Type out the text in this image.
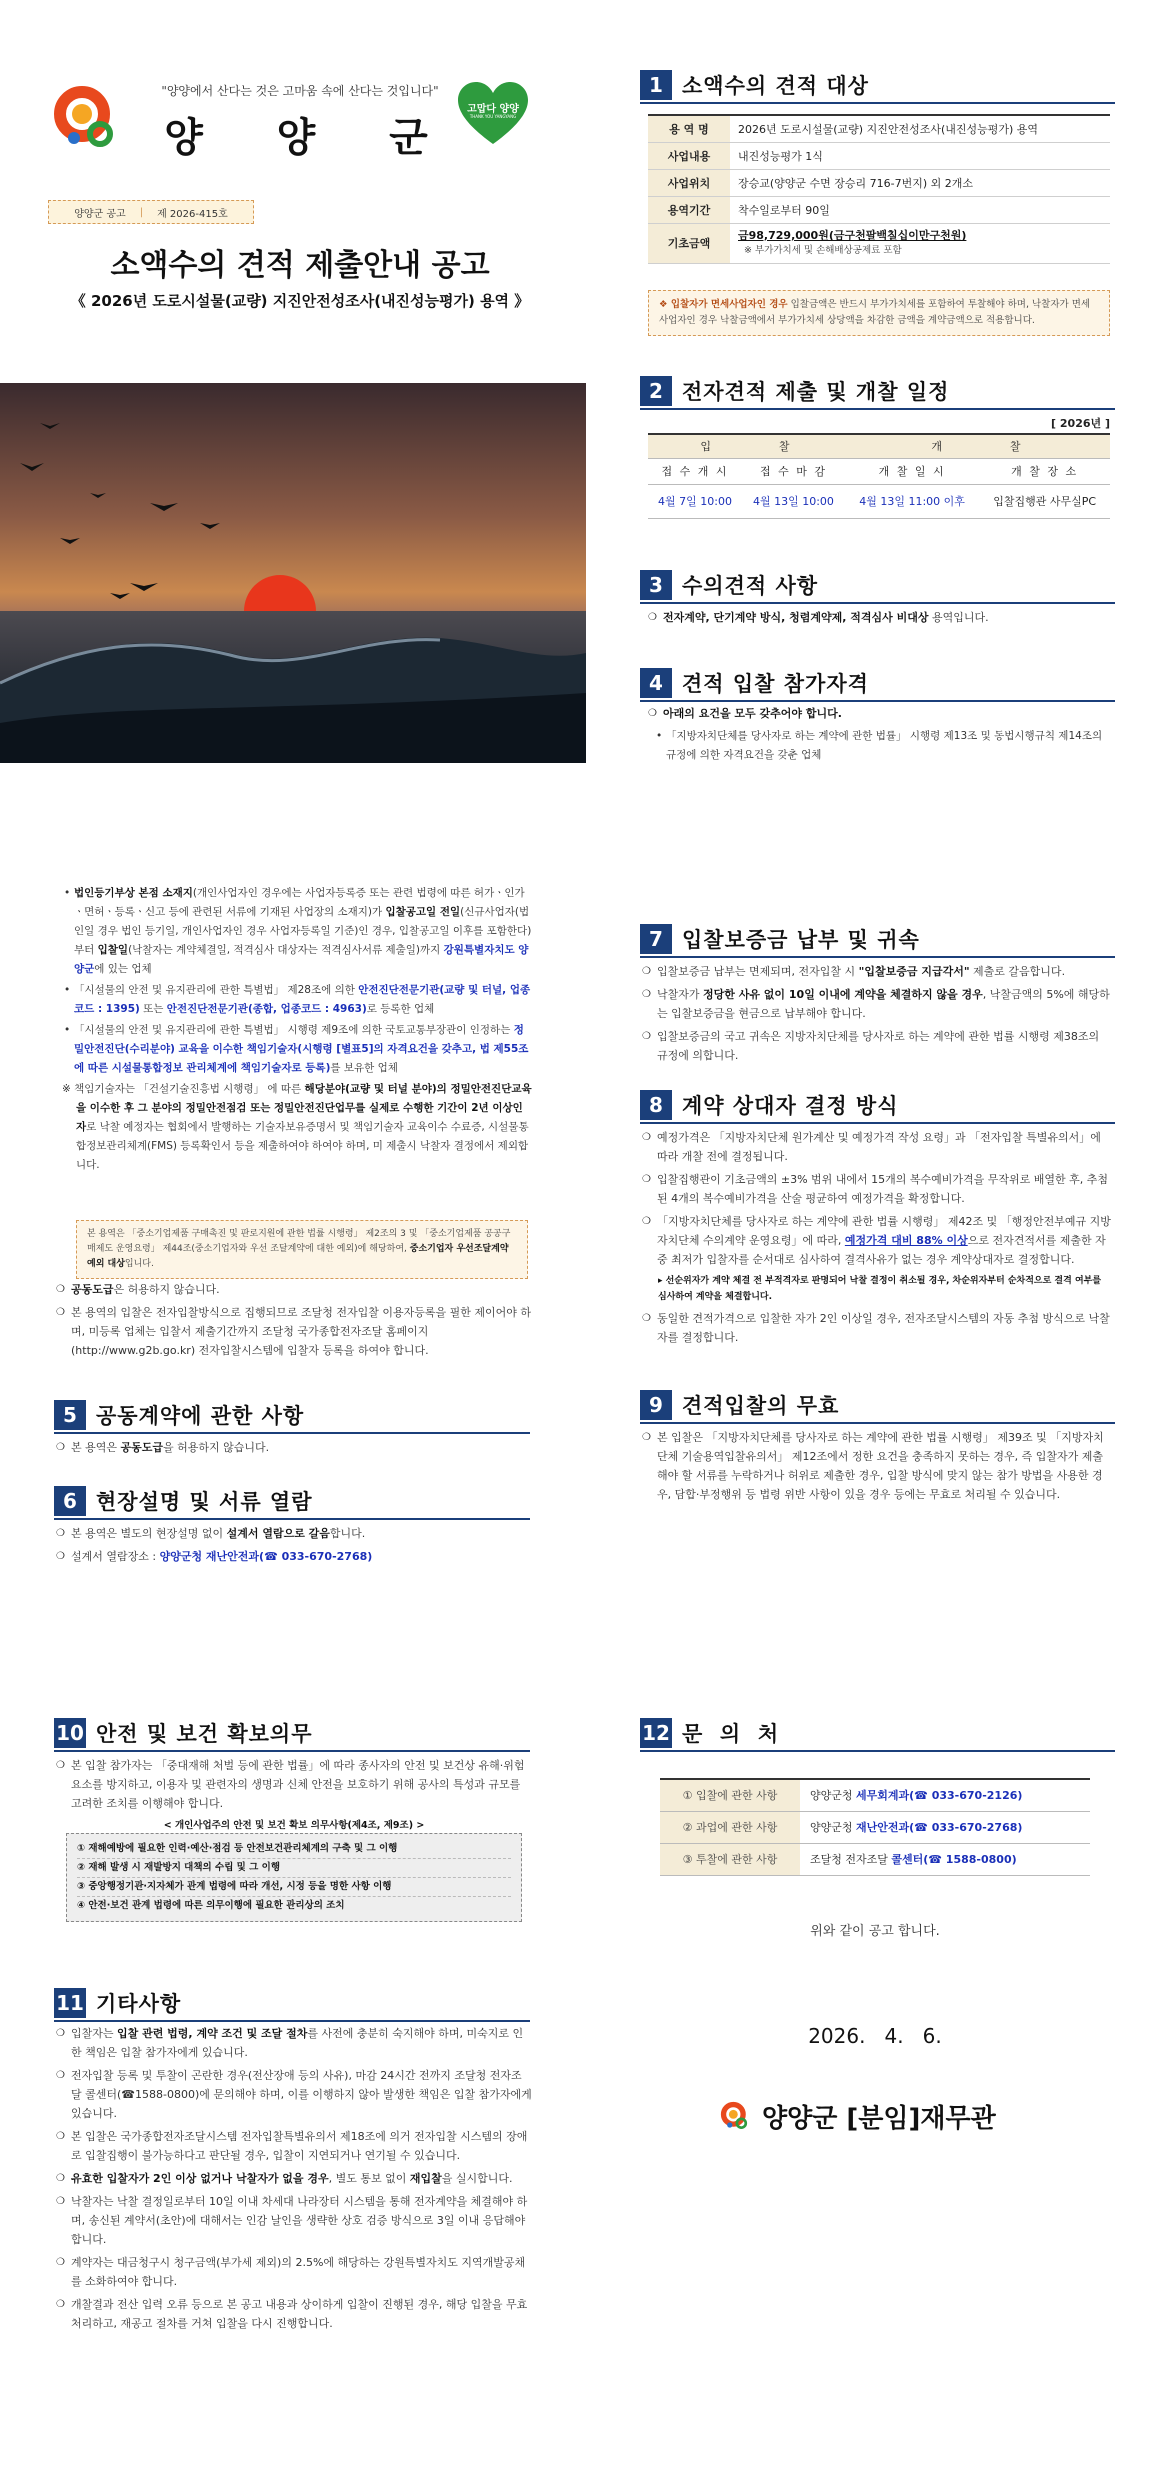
"양양에서 산다는 것은 고마움 속에 산다는 것입니다"
양   양   군
고맙다 양양
THANK YOU YANGYANG
양양군 공고 | 제 2026-415호
소액수의 견적 제출안내 공고
《 2026년 도로시설물(교량) 지진안전성조사(내진성능평가) 용역 》
1 소액수의 견적 대상
용 역 명	2026년 도로시설물(교량) 지진안전성조사(내진성능평가) 용역
사업내용	내진성능평가 1식
사업위치	장승교(양양군 수면 장승리 716-7번지) 외 2개소
용역기간	착수일로부터 90일
기초금액	금98,729,000원(금구천팔백칠십이만구천원)
※ 부가가치세 및 손해배상공제료 포함
❖ 입찰자가 면세사업자인 경우 입찰금액은 반드시 부가가치세를 포함하여 투찰해야 하며, 낙찰자가 면세사업자인 경우 낙찰금액에서 부가가치세 상당액을 차감한 금액을 계약금액으로 적용합니다.
2 전자견적 제출 및 개찰 일정
[ 2026년 ]
입          찰		개          찰	
접 수 개 시	접 수 마 감	개 찰 일 시	개 찰 장 소
4월 7일 10:00	4월 13일 10:00	4월 13일 11:00 이후	입찰집행관 사무실PC
3 수의견적 사항
❍ 전자계약, 단기계약 방식, 청렴계약제, 적격심사 비대상 용역입니다.
4 견적 입찰 참가자격
❍ 아래의 요건을 모두 갖추어야 합니다.
• 「지방자치단체를 당사자로 하는 계약에 관한 법률」 시행령 제13조 및 동법시행규칙 제14조의 규정에 의한 자격요건을 갖춘 업체
• 법인등기부상 본점 소재지(개인사업자인 경우에는 사업자등록증 또는 관련 법령에 따른 허가ㆍ인가ㆍ면허ㆍ등록ㆍ신고 등에 관련된 서류에 기재된 사업장의 소재지)가 입찰공고일 전일(신규사업자(법인일 경우 법인 등기일, 개인사업자인 경우 사업자등록일 기준)인 경우, 입찰공고일 이후를 포함한다)부터 입찰일(낙찰자는 계약체결일, 적격심사 대상자는 적격심사서류 제출일)까지 강원특별자치도 양양군에 있는 업체
• 「시설물의 안전 및 유지관리에 관한 특별법」 제28조에 의한 안전진단전문기관(교량 및 터널, 업종코드 : 1395) 또는 안전진단전문기관(종합, 업종코드 : 4963)로 등록한 업체
• 「시설물의 안전 및 유지관리에 관한 특별법」 시행령 제9조에 의한 국토교통부장관이 인정하는 정밀안전진단(수리분야) 교육을 이수한 책임기술자(시행령 [별표5]의 자격요건을 갖추고, 법 제55조에 따른 시설물통합정보 관리체계에 책임기술자로 등록)를 보유한 업체
※ 책임기술자는 「건설기술진흥법 시행령」 에 따른 해당분야(교량 및 터널 분야)의 정밀안전진단교육을 이수한 후 그 분야의 정밀안전점검 또는 정밀안전진단업무를 실제로 수행한 기간이 2년 이상인 자로 낙찰 예정자는 협회에서 발행하는 기술자보유증명서 및 책임기술자 교육이수 수료증, 시설물통합정보관리체계(FMS) 등록확인서 등을 제출하여야 하여야 하며, 미 제출시 낙찰자 결정에서 제외합니다.
본 용역은 「중소기업제품 구매촉진 및 판로지원에 관한 법률 시행령」 제2조의 3 및 「중소기업제품 공공구매제도 운영요령」 제44조(중소기업자와 우선 조달계약에 대한 예외)에 해당하여, 중소기업자 우선조달계약 예외 대상입니다.
❍ 공동도급은 허용하지 않습니다.
❍ 본 용역의 입찰은 전자입찰방식으로 집행되므로 조달청 전자입찰 이용자등록을 필한 제이어야 하며, 미등록 업체는 입찰서 제출기간까지 조달청 국가종합전자조달 홈페이지(http://www.g2b.go.kr) 전자입찰시스템에 입찰자 등록을 하여야 합니다.
5 공동계약에 관한 사항
❍ 본 용역은 공동도급을 허용하지 않습니다.
6 현장설명 및 서류 열람
❍ 본 용역은 별도의 현장설명 없이 설계서 열람으로 갈음합니다.
❍ 설계서 열람장소 : 양양군청 재난안전과(☎ 033-670-2768)
7 입찰보증금 납부 및 귀속
❍ 입찰보증금 납부는 면제되며, 전자입찰 시 "입찰보증금 지급각서" 제출로 갈음합니다.
❍ 낙찰자가 정당한 사유 없이 10일 이내에 계약을 체결하지 않을 경우, 낙찰금액의 5%에 해당하는 입찰보증금을 현금으로 납부해야 합니다.
❍ 입찰보증금의 국고 귀속은 지방자치단체를 당사자로 하는 계약에 관한 법률 시행령 제38조의 규정에 의합니다.
8 계약 상대자 결정 방식
❍ 예정가격은 「지방자치단체 원가계산 및 예정가격 작성 요령」과 「전자입찰 특별유의서」에 따라 개찰 전에 결정됩니다.
❍ 입찰집행관이 기초금액의 ±3% 범위 내에서 15개의 복수예비가격을 무작위로 배열한 후, 추첨된 4개의 복수예비가격을 산술 평균하여 예정가격을 확정합니다.
❍ 「지방자치단체를 당사자로 하는 계약에 관한 법률 시행령」 제42조 및 「행정안전부예규 지방자치단체 수의계약 운영요령」에 따라, 예정가격 대비 88% 이상으로 전자견적서를 제출한 자 중 최저가 입찰자를 순서대로 심사하여 결격사유가 없는 경우 계약상대자로 결정합니다.
▸ 선순위자가 계약 체결 전 부적격자로 판명되어 낙찰 결정이 취소될 경우, 차순위자부터 순차적으로 결격 여부를 심사하여 계약을 체결합니다.
❍ 동일한 견적가격으로 입찰한 자가 2인 이상일 경우, 전자조달시스템의 자동 추첨 방식으로 낙찰자를 결정합니다.
9 견적입찰의 무효
❍ 본 입찰은 「지방자치단체를 당사자로 하는 계약에 관한 법률 시행령」 제39조 및 「지방자치단체 기술용역입찰유의서」 제12조에서 정한 요건을 충족하지 못하는 경우, 즉 입찰자가 제출해야 할 서류를 누락하거나 허위로 제출한 경우, 입찰 방식에 맞지 않는 참가 방법을 사용한 경우, 담합·부정행위 등 법령 위반 사항이 있을 경우 등에는 무효로 처리될 수 있습니다.
10 안전 및 보건 확보의무
❍ 본 입찰 참가자는 「중대재해 처벌 등에 관한 법률」에 따라 종사자의 안전 및 보건상 유해·위험 요소를 방지하고, 이용자 및 관련자의 생명과 신체 안전을 보호하기 위해 공사의 특성과 규모를 고려한 조치를 이행해야 합니다.
< 개인사업주의 안전 및 보건 확보 의무사항(제4조, 제9조) >
① 재해예방에 필요한 인력·예산·점검 등 안전보건관리체계의 구축 및 그 이행
② 재해 발생 시 재발방지 대책의 수립 및 그 이행
③ 중앙행정기관·지자체가 관계 법령에 따라 개선, 시정 등을 명한 사항 이행
④ 안전·보건 관계 법령에 따른 의무이행에 필요한 관리상의 조치
11 기타사항
❍ 입찰자는 입찰 관련 법령, 계약 조건 및 조달 절차를 사전에 충분히 숙지해야 하며, 미숙지로 인한 책임은 입찰 참가자에게 있습니다.
❍ 전자입찰 등록 및 투찰이 곤란한 경우(전산장애 등의 사유), 마감 24시간 전까지 조달청 전자조달 콜센터(☎1588-0800)에 문의해야 하며, 이를 이행하지 않아 발생한 책임은 입찰 참가자에게 있습니다.
❍ 본 입찰은 국가종합전자조달시스템 전자입찰특별유의서 제18조에 의거 전자입찰 시스템의 장애로 입찰집행이 불가능하다고 판단될 경우, 입찰이 지연되거나 연기될 수 있습니다.
❍ 유효한 입찰자가 2인 이상 없거나 낙찰자가 없을 경우, 별도 통보 없이 재입찰을 실시합니다.
❍ 낙찰자는 낙찰 결정일로부터 10일 이내 차세대 나라장터 시스템을 통해 전자계약을 체결해야 하며, 송신된 계약서(초안)에 대해서는 인감 날인을 생략한 상호 검증 방식으로 3일 이내 응답해야 합니다.
❍ 계약자는 대금청구시 청구금액(부가세 제외)의 2.5%에 해당하는 강원특별자치도 지역개발공채를 소화하여야 합니다.
❍ 개찰결과 전산 입력 오류 등으로 본 공고 내용과 상이하게 입찰이 진행된 경우, 해당 입찰을 무효처리하고, 재공고 절차를 거쳐 입찰을 다시 진행합니다.
12 문  의  처
① 입찰에 관한 사항	양양군청 세무회계과(☎ 033-670-2126)
② 과업에 관한 사항	양양군청 재난안전과(☎ 033-670-2768)
③ 투찰에 관한 사항	조달청 전자조달 콜센터(☎ 1588-0800)
위와 같이 공고 합니다.
2026.   4.   6.
양양군 [분임]재무관
